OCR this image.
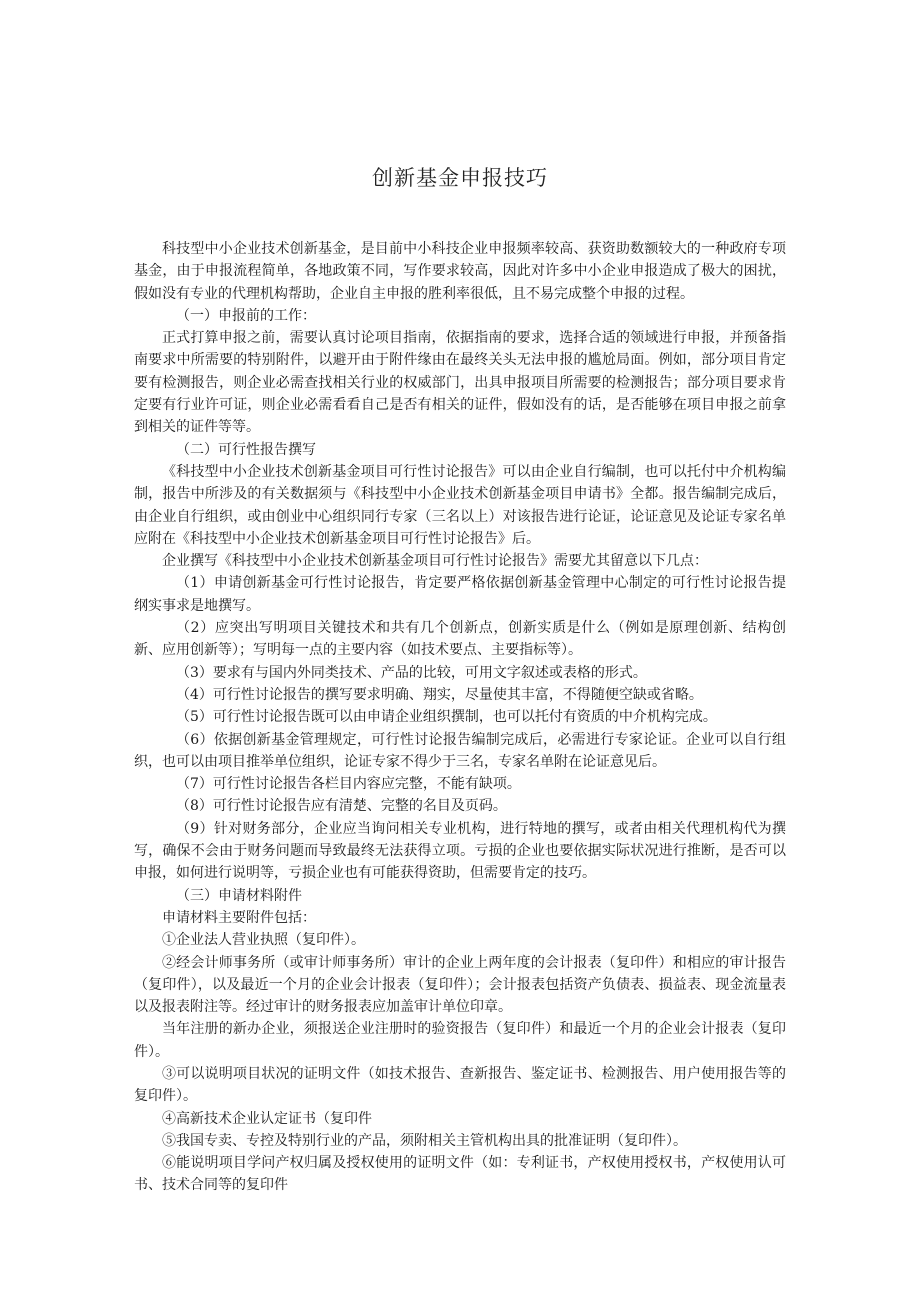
创新基金申报技巧

科技型中小企业技术创新基金，是目前中小科技企业申报频率较高、获资助数额较大的一种政府专项基金，由于申报流程简单，各地政策不同，写作要求较高，因此对许多中小企业申报造成了极大的困扰，假如没有专业的代理机构帮助，企业自主申报的胜利率很低，且不易完成整个申报的过程。

（一）申报前的工作：

正式打算申报之前，需要认真讨论项目指南，依据指南的要求，选择合适的领域进行申报，并预备指南要求中所需要的特别附件，以避开由于附件缘由在最终关头无法申报的尴尬局面。例如，部分项目肯定要有检测报告，则企业必需查找相关行业的权威部门，出具申报项目所需要的检测报告；部分项目要求肯定要有行业许可证，则企业必需看看自己是否有相关的证件，假如没有的话，是否能够在项目申报之前拿到相关的证件等等。

（二）可行性报告撰写

《科技型中小企业技术创新基金项目可行性讨论报告》可以由企业自行编制，也可以托付中介机构编制，报告中所涉及的有关数据须与《科技型中小企业技术创新基金项目申请书》全都。报告编制完成后，由企业自行组织，或由创业中心组织同行专家（三名以上）对该报告进行论证，论证意见及论证专家名单应附在《科技型中小企业技术创新基金项目可行性讨论报告》后。

企业撰写《科技型中小企业技术创新基金项目可行性讨论报告》需要尤其留意以下几点：

（1）申请创新基金可行性讨论报告，肯定要严格依据创新基金管理中心制定的可行性讨论报告提纲实事求是地撰写。

（2）应突出写明项目关键技术和共有几个创新点，创新实质是什么（例如是原理创新、结构创新、应用创新等）；写明每一点的主要内容（如技术要点、主要指标等）。

（3）要求有与国内外同类技术、产品的比较，可用文字叙述或表格的形式。

（4）可行性讨论报告的撰写要求明确、翔实，尽量使其丰富，不得随便空缺或省略。

（5）可行性讨论报告既可以由申请企业组织撰制，也可以托付有资质的中介机构完成。

（6）依据创新基金管理规定，可行性讨论报告编制完成后，必需进行专家论证。企业可以自行组织，也可以由项目推举单位组织，论证专家不得少于三名，专家名单附在论证意见后。

（7）可行性讨论报告各栏目内容应完整，不能有缺项。

（8）可行性讨论报告应有清楚、完整的名目及页码。

（9）针对财务部分，企业应当询问相关专业机构，进行特地的撰写，或者由相关代理机构代为撰写，确保不会由于财务问题而导致最终无法获得立项。亏损的企业也要依据实际状况进行推断，是否可以申报，如何进行说明等，亏损企业也有可能获得资助，但需要肯定的技巧。

（三）申请材料附件

申请材料主要附件包括：

①企业法人营业执照（复印件）。

②经会计师事务所（或审计师事务所）审计的企业上两年度的会计报表（复印件）和相应的审计报告（复印件），以及最近一个月的企业会计报表（复印件）；会计报表包括资产负债表、损益表、现金流量表以及报表附注等。经过审计的财务报表应加盖审计单位印章。

当年注册的新办企业，须报送企业注册时的验资报告（复印件）和最近一个月的企业会计报表（复印件）。

③可以说明项目状况的证明文件（如技术报告、查新报告、鉴定证书、检测报告、用户使用报告等的复印件）。

④高新技术企业认定证书（复印件

⑤我国专卖、专控及特别行业的产品，须附相关主管机构出具的批准证明（复印件）。

⑥能说明项目学问产权归属及授权使用的证明文件（如：专利证书，产权使用授权书，产权使用认可书、技术合同等的复印件
